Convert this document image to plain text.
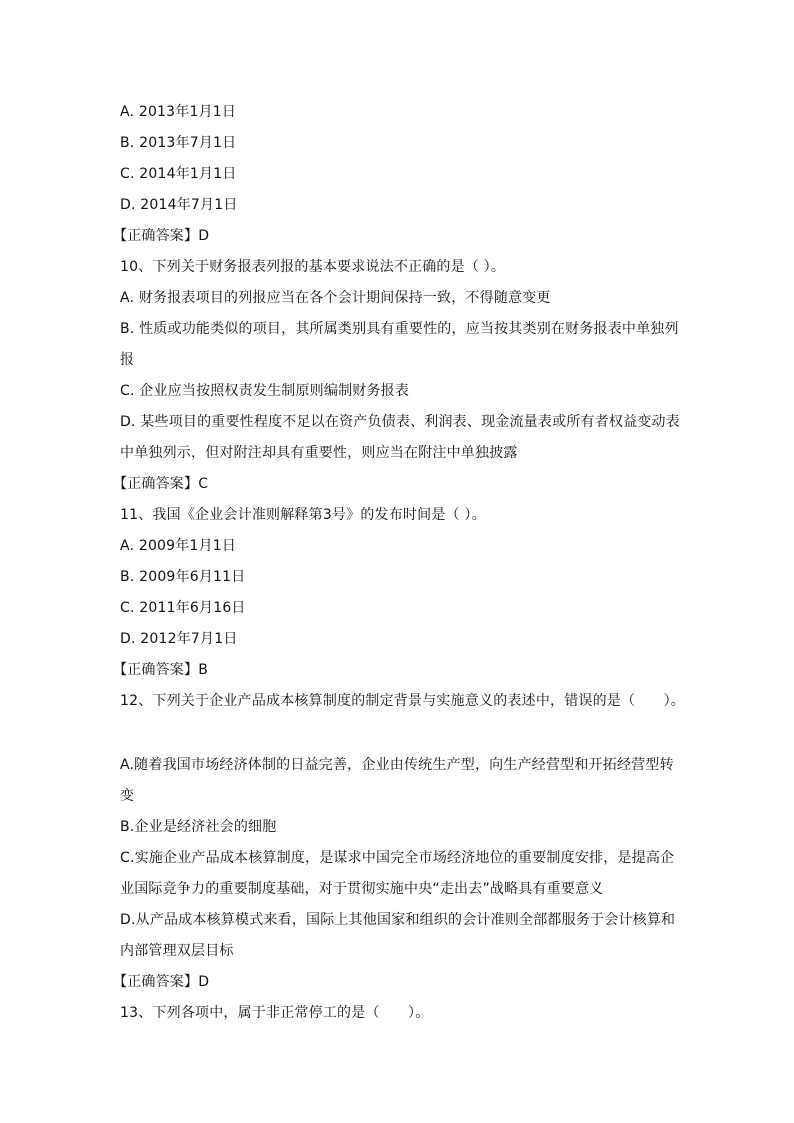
A. 2013年1月1日
B. 2013年7月1日
C. 2014年1月1日
D. 2014年7月1日
【正确答案】D
10、下列关于财务报表列报的基本要求说法不正确的是（ ）。
A. 财务报表项目的列报应当在各个会计期间保持一致，不得随意变更
B. 性质或功能类似的项目，其所属类别具有重要性的，应当按其类别在财务报表中单独列
报
C. 企业应当按照权责发生制原则编制财务报表
D. 某些项目的重要性程度不足以在资产负债表、利润表、现金流量表或所有者权益变动表
中单独列示，但对附注却具有重要性，则应当在附注中单独披露
【正确答案】C
11、我国《企业会计准则解释第3号》的发布时间是（ ）。
A. 2009年1月1日
B. 2009年6月11日
C. 2011年6月16日
D. 2012年7月1日
【正确答案】B
12、下列关于企业产品成本核算制度的制定背景与实施意义的表述中，错误的是（　　）。
A.随着我国市场经济体制的日益完善，企业由传统生产型，向生产经营型和开拓经营型转
变
B.企业是经济社会的细胞
C.实施企业产品成本核算制度，是谋求中国完全市场经济地位的重要制度安排，是提高企
业国际竞争力的重要制度基础，对于贯彻实施中央“走出去”战略具有重要意义
D.从产品成本核算模式来看，国际上其他国家和组织的会计准则全部都服务于会计核算和
内部管理双层目标
【正确答案】D
13、下列各项中，属于非正常停工的是（　　）。
